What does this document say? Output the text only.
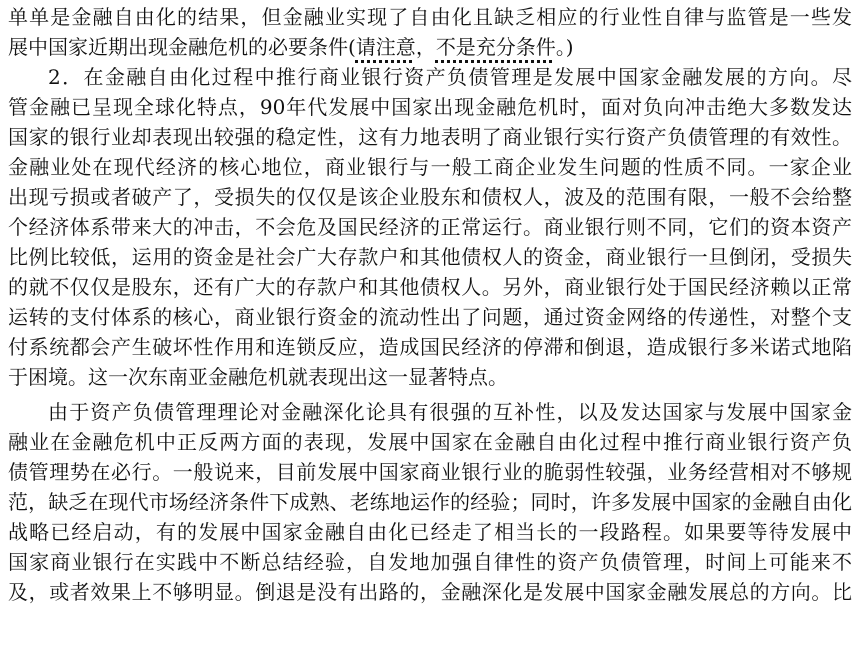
单单是金融自由化的结果，但金融业实现了自由化且缺乏相应的行业性自律与监管是一些发
展中国家近期出现金融危机的必要条件(请注意，不是充分条件。)
2．在金融自由化过程中推行商业银行资产负债管理是发展中国家金融发展的方向。尽
管金融已呈现全球化特点，90年代发展中国家出现金融危机时，面对负向冲击绝大多数发达
国家的银行业却表现出较强的稳定性，这有力地表明了商业银行实行资产负债管理的有效性。
金融业处在现代经济的核心地位，商业银行与一般工商企业发生问题的性质不同。一家企业
出现亏损或者破产了，受损失的仅仅是该企业股东和债权人，波及的范围有限，一般不会给整
个经济体系带来大的冲击，不会危及国民经济的正常运行。商业银行则不同，它们的资本资产
比例比较低，运用的资金是社会广大存款户和其他债权人的资金，商业银行一旦倒闭，受损失
的就不仅仅是股东，还有广大的存款户和其他债权人。另外，商业银行处于国民经济赖以正常
运转的支付体系的核心，商业银行资金的流动性出了问题，通过资金网络的传递性，对整个支
付系统都会产生破坏性作用和连锁反应，造成国民经济的停滞和倒退，造成银行多米诺式地陷
于困境。这一次东南亚金融危机就表现出这一显著特点。
由于资产负债管理理论对金融深化论具有很强的互补性，以及发达国家与发展中国家金
融业在金融危机中正反两方面的表现，发展中国家在金融自由化过程中推行商业银行资产负
债管理势在必行。一般说来，目前发展中国家商业银行业的脆弱性较强，业务经营相对不够规
范，缺乏在现代市场经济条件下成熟、老练地运作的经验；同时，许多发展中国家的金融自由化
战略已经启动，有的发展中国家金融自由化已经走了相当长的一段路程。如果要等待发展中
国家商业银行在实践中不断总结经验，自发地加强自律性的资产负债管理，时间上可能来不
及，或者效果上不够明显。倒退是没有出路的，金融深化是发展中国家金融发展总的方向。比
